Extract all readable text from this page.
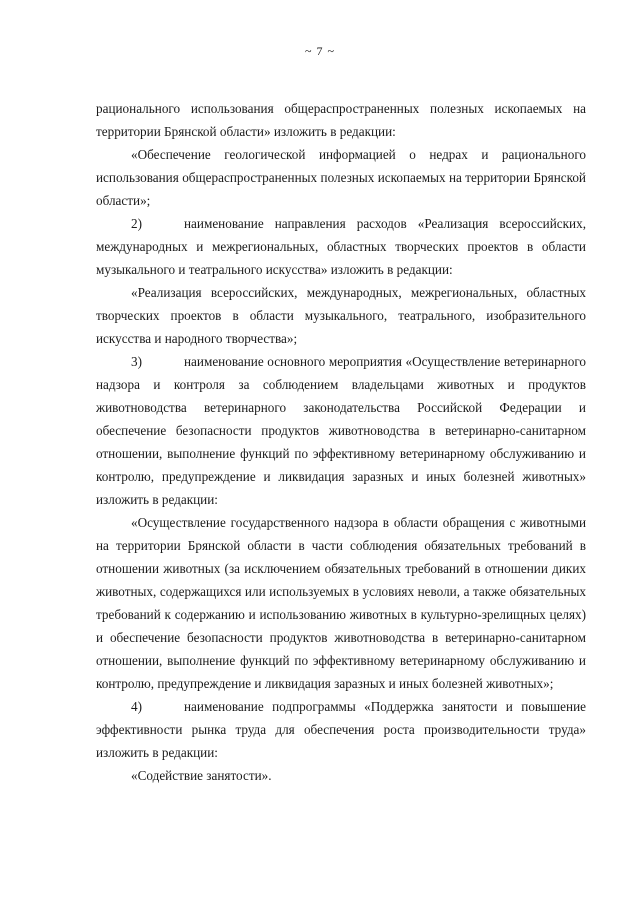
~ 7 ~

рационального использования общераспространенных полезных ископаемых на территории Брянской области» изложить в редакции:

«Обеспечение геологической информацией о недрах и рационального использования общераспространенных полезных ископаемых на территории Брянской области»;

2)	наименование направления расходов «Реализация всероссийских, международных и межрегиональных, областных творческих проектов в области музыкального и театрального искусства» изложить в редакции:

«Реализация всероссийских, международных, межрегиональных, областных творческих проектов в области музыкального, театрального, изобразительного искусства и народного творчества»;

3)	наименование основного мероприятия «Осуществление ветеринарного надзора и контроля за соблюдением владельцами животных и продуктов животноводства ветеринарного законодательства Российской Федерации и обеспечение безопасности продуктов животноводства в ветеринарно-санитарном отношении, выполнение функций по эффективному ветеринарному обслуживанию и контролю, предупреждение и ликвидация заразных и иных болезней животных» изложить в редакции:

«Осуществление государственного надзора в области обращения с животными на территории Брянской области в части соблюдения обязательных требований в отношении животных (за исключением обязательных требований в отношении диких животных, содержащихся или используемых в условиях неволи, а также обязательных требований к содержанию и использованию животных в культурно-зрелищных целях) и обеспечение безопасности продуктов животноводства в ветеринарно-санитарном отношении, выполнение функций по эффективному ветеринарному обслуживанию и контролю, предупреждение и ликвидация заразных и иных болезней животных»;

4)	наименование подпрограммы «Поддержка занятости и повышение эффективности рынка труда для обеспечения роста производительности труда» изложить в редакции:

«Содействие занятости».
